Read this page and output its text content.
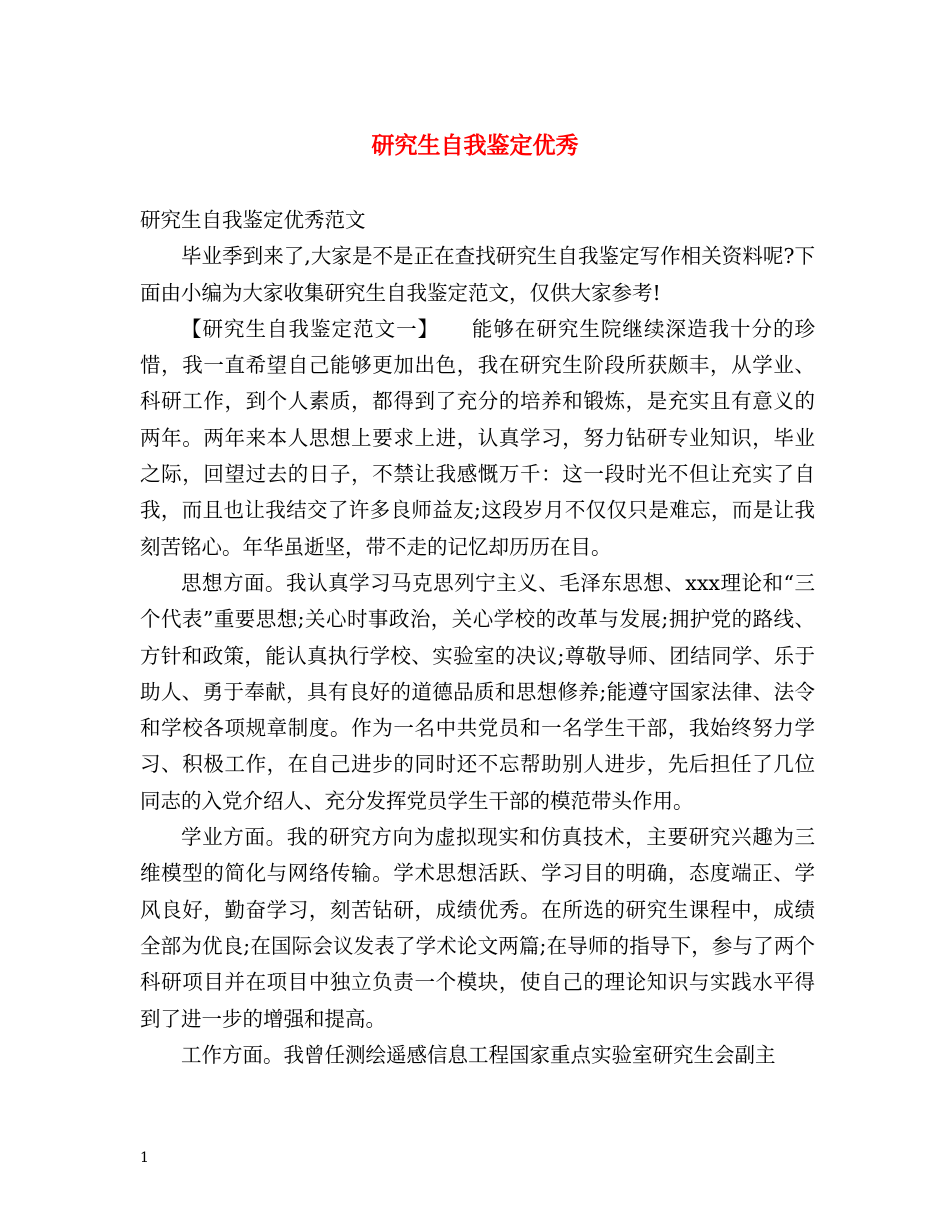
研究生自我鉴定优秀

研究生自我鉴定优秀范文

毕业季到来了,大家是不是正在查找研究生自我鉴定写作相关资料呢?下面由小编为大家收集研究生自我鉴定范文，仅供大家参考!

【研究生自我鉴定范文一】　　能够在研究生院继续深造我十分的珍惜，我一直希望自己能够更加出色，我在研究生阶段所获颇丰，从学业、科研工作，到个人素质，都得到了充分的培养和锻炼，是充实且有意义的两年。两年来本人思想上要求上进，认真学习，努力钻研专业知识，毕业之际，回望过去的日子，不禁让我感慨万千：这一段时光不但让充实了自我，而且也让我结交了许多良师益友;这段岁月不仅仅只是难忘，而是让我刻苦铭心。年华虽逝坚，带不走的记忆却历历在目。

思想方面。我认真学习马克思列宁主义、毛泽东思想、xxx理论和“三个代表”重要思想;关心时事政治，关心学校的改革与发展;拥护党的路线、方针和政策，能认真执行学校、实验室的决议;尊敬导师、团结同学、乐于助人、勇于奉献，具有良好的道德品质和思想修养;能遵守国家法律、法令和学校各项规章制度。作为一名中共党员和一名学生干部，我始终努力学习、积极工作，在自己进步的同时还不忘帮助别人进步，先后担任了几位同志的入党介绍人、充分发挥党员学生干部的模范带头作用。

学业方面。我的研究方向为虚拟现实和仿真技术，主要研究兴趣为三维模型的简化与网络传输。学术思想活跃、学习目的明确，态度端正、学风良好，勤奋学习，刻苦钻研，成绩优秀。在所选的研究生课程中，成绩全部为优良;在国际会议发表了学术论文两篇;在导师的指导下，参与了两个科研项目并在项目中独立负责一个模块，使自己的理论知识与实践水平得到了进一步的增强和提高。

工作方面。我曾任测绘遥感信息工程国家重点实验室研究生会副主

1
